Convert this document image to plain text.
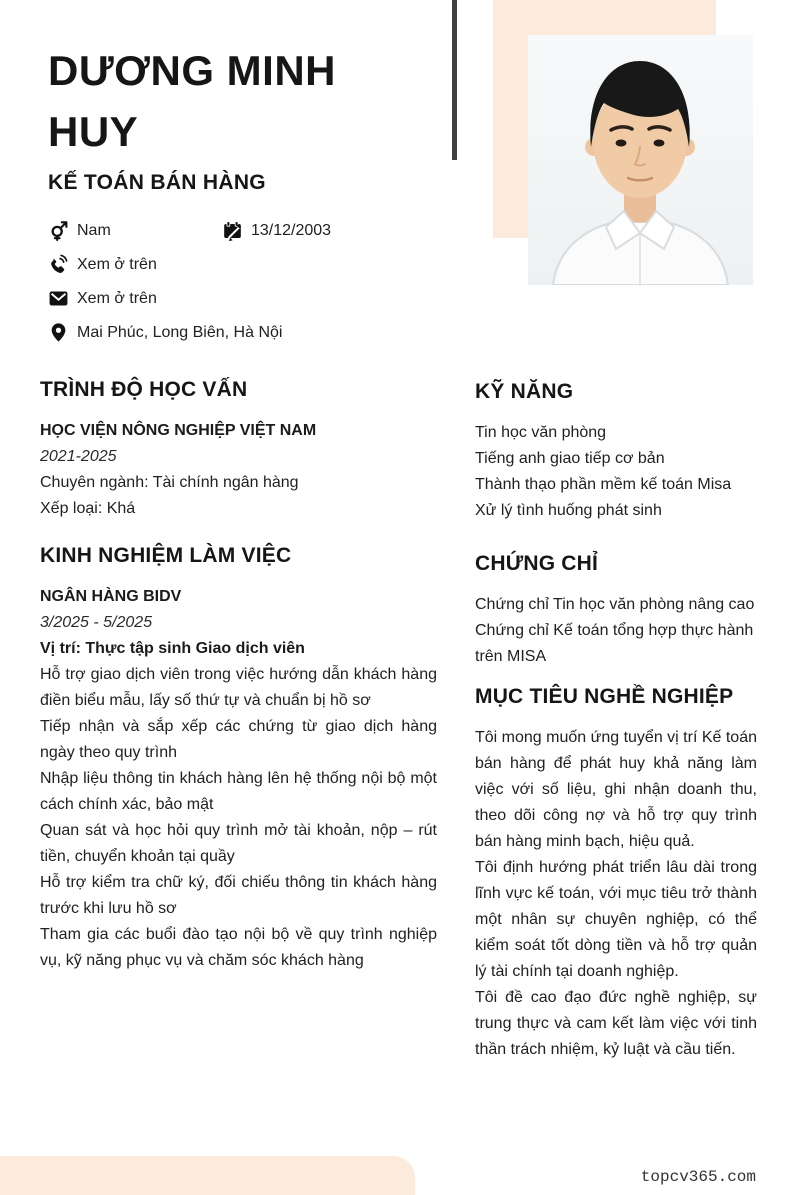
DƯƠNG MINH HUY
KẾ TOÁN BÁN HÀNG
Nam	13/12/2003
Xem ở trên
Xem ở trên
Mai Phúc, Long Biên, Hà Nội
TRÌNH ĐỘ HỌC VẤN
HỌC VIỆN NÔNG NGHIỆP VIỆT NAM
2021-2025
Chuyên ngành: Tài chính ngân hàng
Xếp loại: Khá
KINH NGHIỆM LÀM VIỆC
NGÂN HÀNG BIDV
3/2025 - 5/2025
Vị trí: Thực tập sinh Giao dịch viên

Hỗ trợ giao dịch viên trong việc hướng dẫn khách hàng điền biểu mẫu, lấy số thứ tự và chuẩn bị hồ sơ

Tiếp nhận và sắp xếp các chứng từ giao dịch hàng ngày theo quy trình

Nhập liệu thông tin khách hàng lên hệ thống nội bộ một cách chính xác, bảo mật

Quan sát và học hỏi quy trình mở tài khoản, nộp – rút tiền, chuyển khoản tại quầy

Hỗ trợ kiểm tra chữ ký, đối chiếu thông tin khách hàng trước khi lưu hồ sơ

Tham gia các buổi đào tạo nội bộ về quy trình nghiệp vụ, kỹ năng phục vụ và chăm sóc khách hàng

KỸ NĂNG
Tin học văn phòng
Tiếng anh giao tiếp cơ bản
Thành thạo phần mềm kế toán Misa
Xử lý tình huống phát sinh
CHỨNG CHỈ
Chứng chỉ Tin học văn phòng nâng cao
Chứng chỉ Kế toán tổng hợp thực hành trên MISA
MỤC TIÊU NGHỀ NGHIỆP

Tôi mong muốn ứng tuyển vị trí Kế toán bán hàng để phát huy khả năng làm việc với số liệu, ghi nhận doanh thu, theo dõi công nợ và hỗ trợ quy trình bán hàng minh bạch, hiệu quả.

Tôi định hướng phát triển lâu dài trong lĩnh vực kế toán, với mục tiêu trở thành một nhân sự chuyên nghiệp, có thể kiểm soát tốt dòng tiền và hỗ trợ quản lý tài chính tại doanh nghiệp.

Tôi đề cao đạo đức nghề nghiệp, sự trung thực và cam kết làm việc với tinh thần trách nhiệm, kỷ luật và cầu tiến.

topcv365.com
